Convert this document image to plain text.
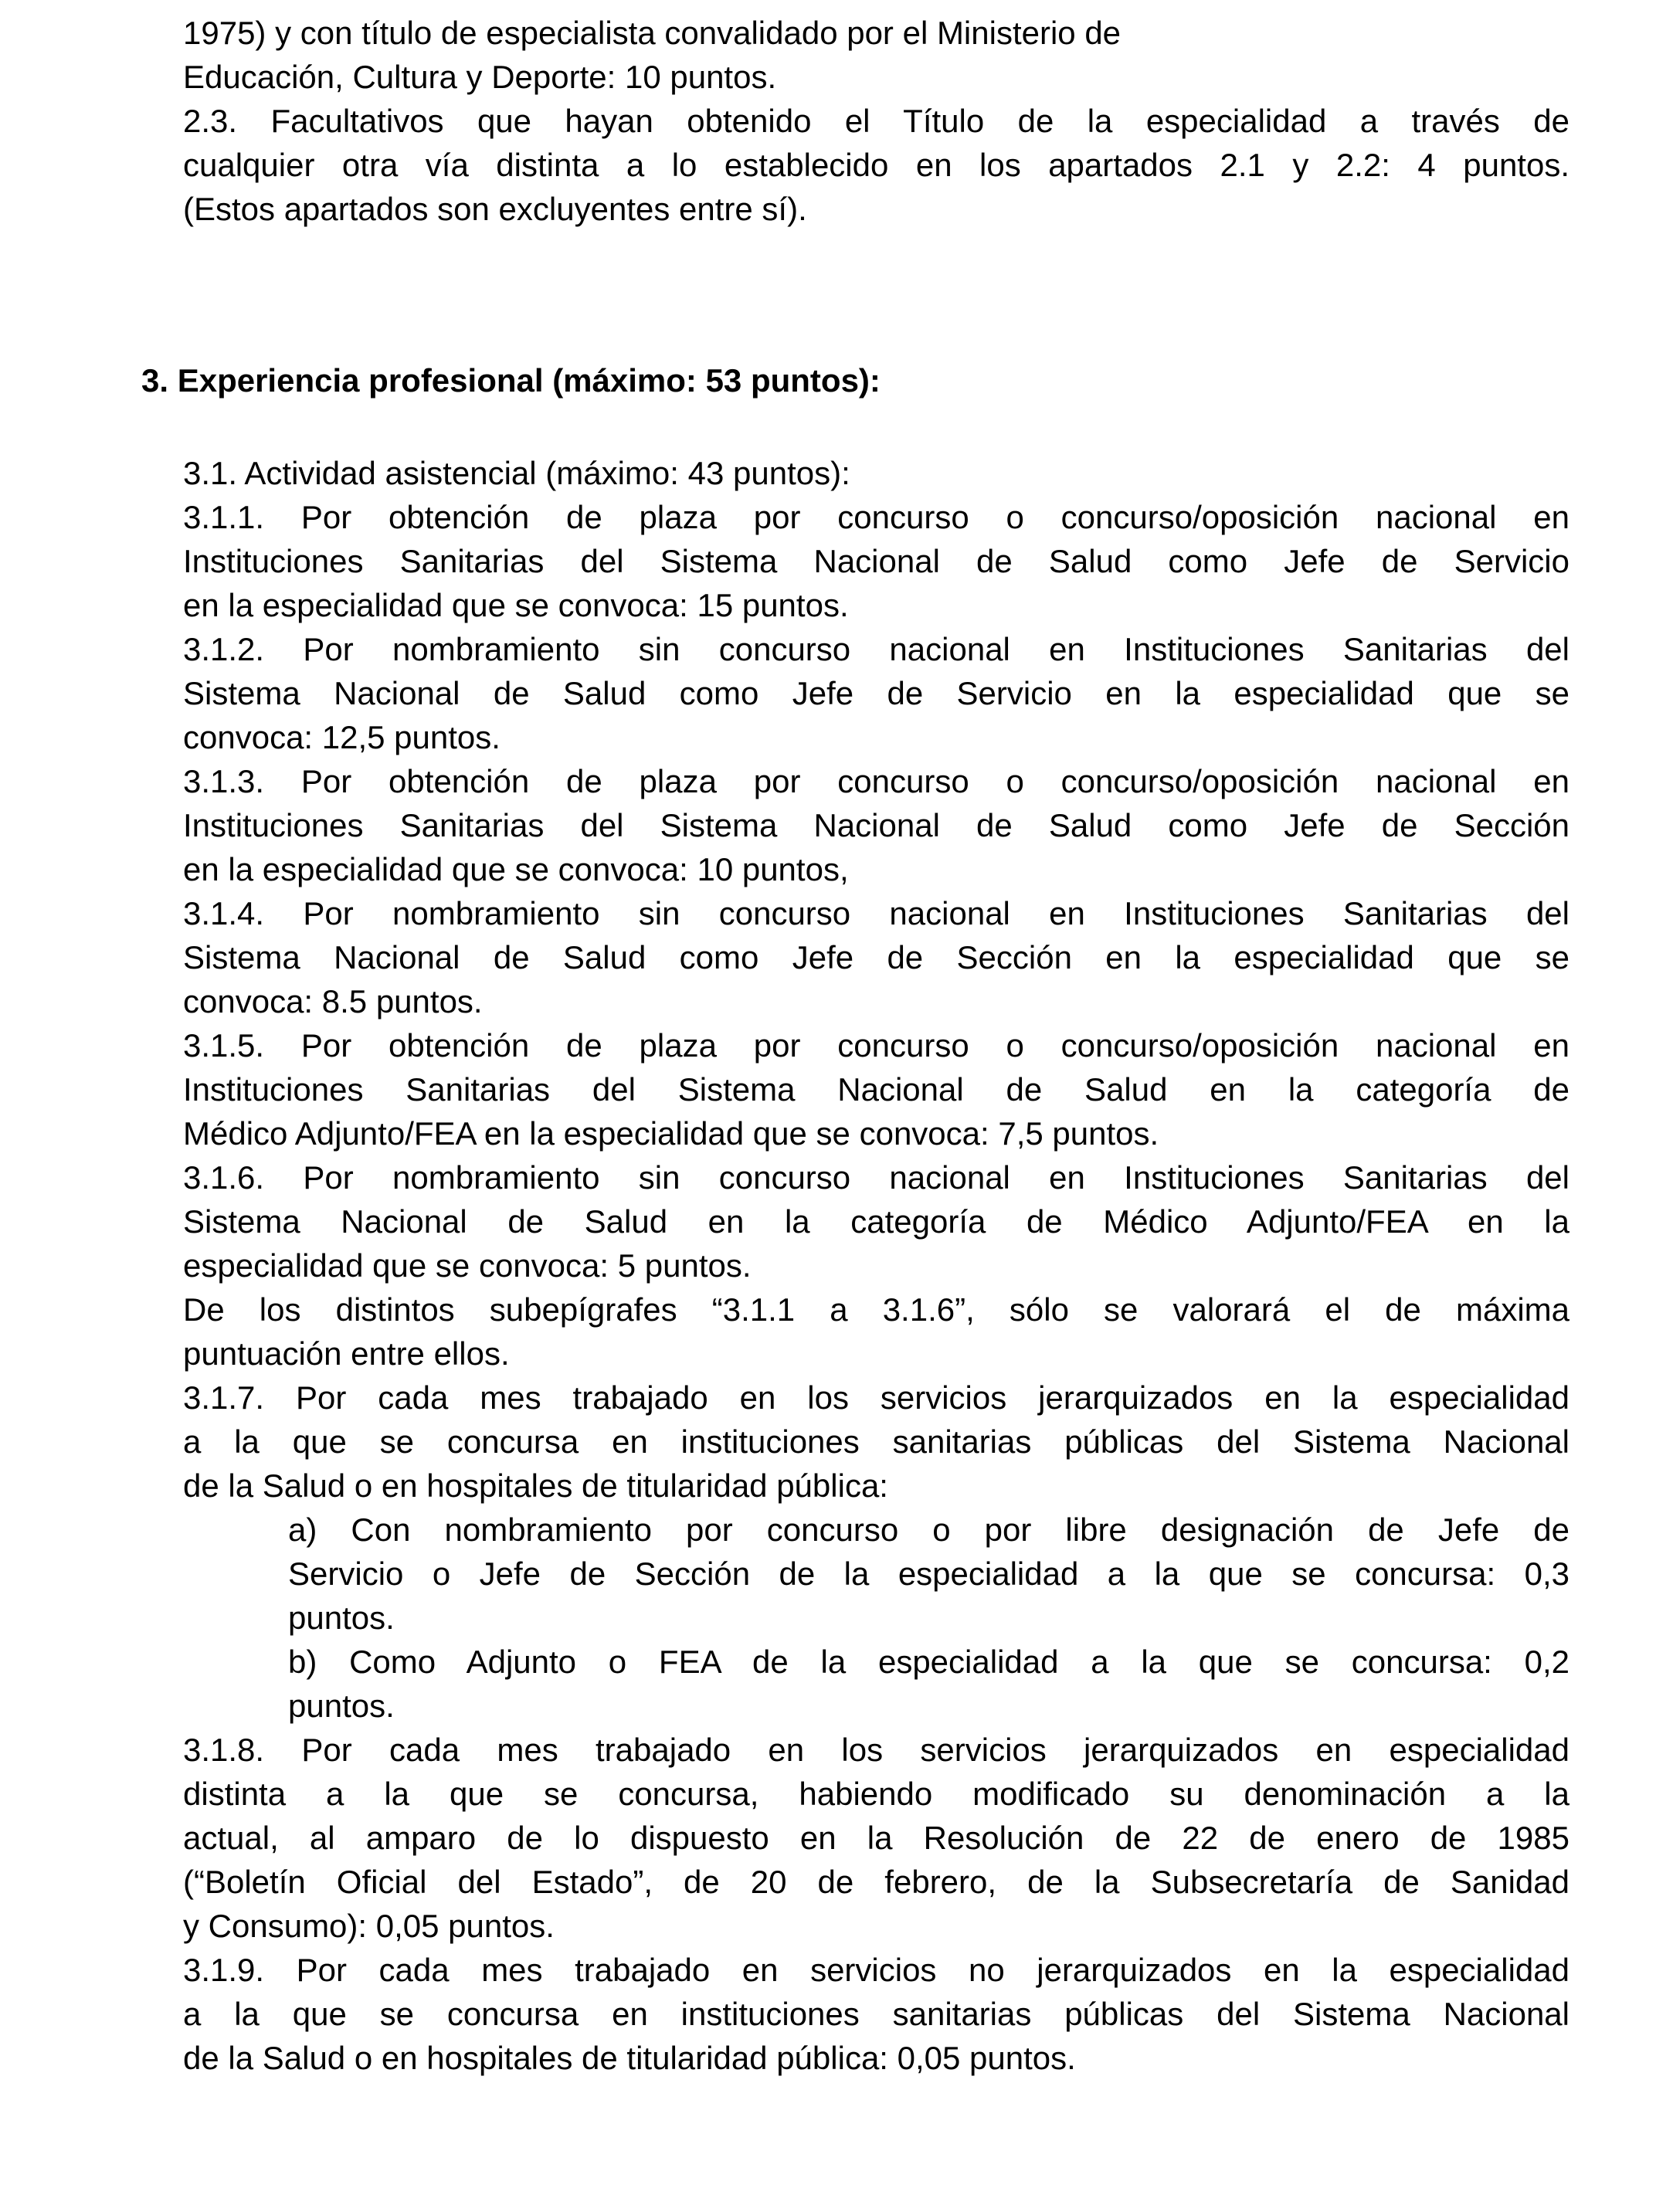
1975) y con título de especialista convalidado por el Ministerio de
Educación, Cultura y Deporte: 10 puntos.
2.3. Facultativos que hayan obtenido el Título de la especialidad a través de
cualquier otra vía distinta a lo establecido en los apartados 2.1 y 2.2: 4 puntos.
(Estos apartados son excluyentes entre sí).
3. Experiencia profesional (máximo: 53 puntos):
3.1. Actividad asistencial (máximo: 43 puntos):
3.1.1. Por obtención de plaza por concurso o concurso/oposición nacional en
Instituciones Sanitarias del Sistema Nacional de Salud como Jefe de Servicio
en la especialidad que se convoca: 15 puntos.
3.1.2. Por nombramiento sin concurso nacional en Instituciones Sanitarias del
Sistema Nacional de Salud como Jefe de Servicio en la especialidad que se
convoca: 12,5 puntos.
3.1.3. Por obtención de plaza por concurso o concurso/oposición nacional en
Instituciones Sanitarias del Sistema Nacional de Salud como Jefe de Sección
en la especialidad que se convoca: 10 puntos,
3.1.4. Por nombramiento sin concurso nacional en Instituciones Sanitarias del
Sistema Nacional de Salud como Jefe de Sección en la especialidad que se
convoca: 8.5 puntos.
3.1.5. Por obtención de plaza por concurso o concurso/oposición nacional en
Instituciones Sanitarias del Sistema Nacional de Salud en la categoría de
Médico Adjunto/FEA en la especialidad que se convoca: 7,5 puntos.
3.1.6. Por nombramiento sin concurso nacional en Instituciones Sanitarias del
Sistema Nacional de Salud en la categoría de Médico Adjunto/FEA en la
especialidad que se convoca: 5 puntos.
De los distintos subepígrafes “3.1.1 a 3.1.6”, sólo se valorará el de máxima
puntuación entre ellos.
3.1.7. Por cada mes trabajado en los servicios jerarquizados en la especialidad
a la que se concursa en instituciones sanitarias públicas del Sistema Nacional
de la Salud o en hospitales de titularidad pública:
a) Con nombramiento por concurso o por libre designación de Jefe de
Servicio o Jefe de Sección de la especialidad a la que se concursa: 0,3
puntos.
b) Como Adjunto o FEA de la especialidad a la que se concursa: 0,2
puntos.
3.1.8. Por cada mes trabajado en los servicios jerarquizados en especialidad
distinta a la que se concursa, habiendo modificado su denominación a la
actual, al amparo de lo dispuesto en la Resolución de 22 de enero de 1985
(“Boletín Oficial del Estado”, de 20 de febrero, de la Subsecretaría de Sanidad
y Consumo): 0,05 puntos.
3.1.9. Por cada mes trabajado en servicios no jerarquizados en la especialidad
a la que se concursa en instituciones sanitarias públicas del Sistema Nacional
de la Salud o en hospitales de titularidad pública: 0,05 puntos.
